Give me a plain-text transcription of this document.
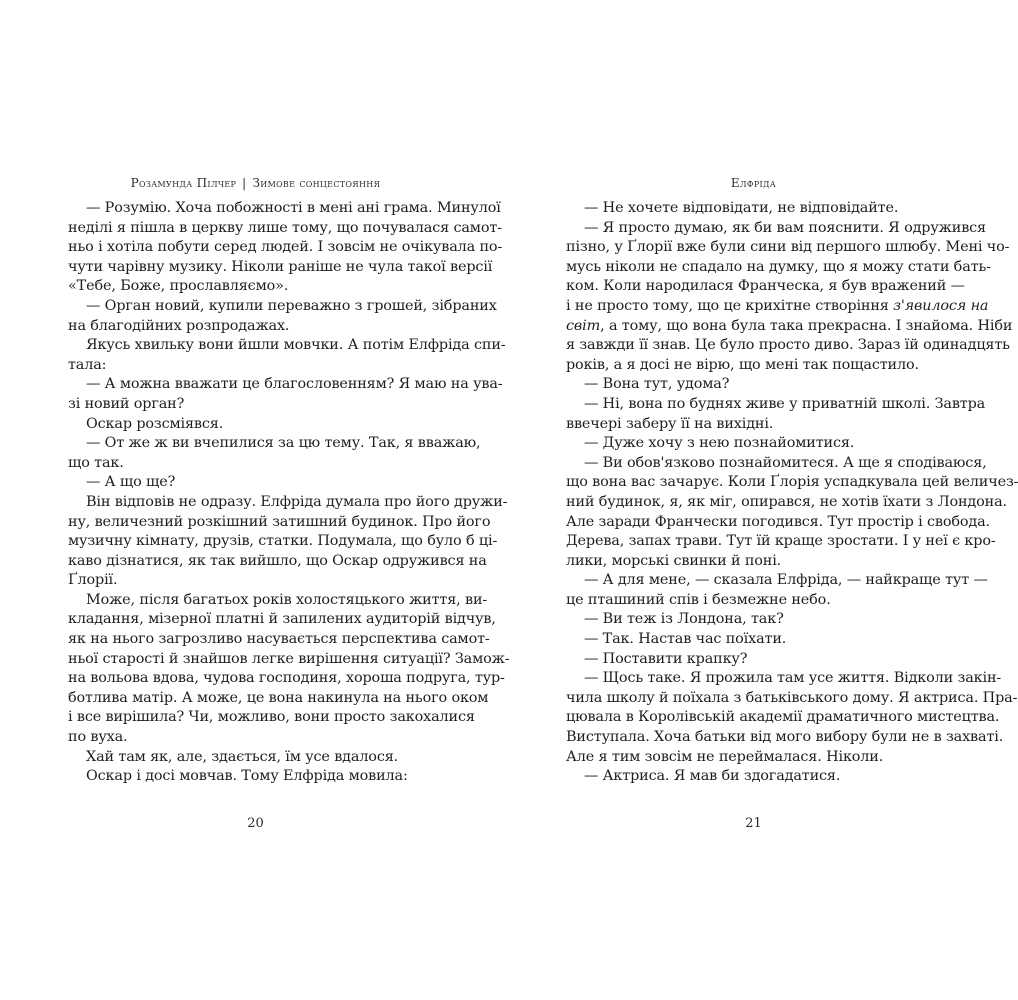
Розамунда Пілчер | Зимове сонцестояння
— Розумію. Хоча побожності в мені ані грама. Минулої
неділі я пішла в церкву лише тому, що почувалася самот-
ньо і хотіла побути серед людей. І зовсім не очікувала по-
чути чарівну музику. Ніколи раніше не чула такої версії
«Тебе, Боже, прославляємо».
— Орган новий, купили переважно з грошей, зібраних
на благодійних розпродажах.
Якусь хвильку вони йшли мовчки. А потім Елфріда спи-
тала:
— А можна вважати це благословенням? Я маю на ува-
зі новий орган?
Оскар розсміявся.
— От же ж ви вчепилися за цю тему. Так, я вважаю,
що так.
— А що ще?
Він відповів не одразу. Елфріда думала про його дружи-
ну, величезний розкішний затишний будинок. Про його
музичну кімнату, друзів, статки. Подумала, що було б ці-
каво дізнатися, як так вийшло, що Оскар одружився на
Ґлорії.
Може, після багатьох років холостяцького життя, ви-
кладання, мізерної платні й запилених аудиторій відчув,
як на нього загрозливо насувається перспектива самот-
ньої старості й знайшов легке вирішення ситуації? Замож-
на вольова вдова, чудова господиня, хороша подруга, тур-
ботлива матір. А може, це вона накинула на нього оком
і все вирішила? Чи, можливо, вони просто закохалися
по вуха.
Хай там як, але, здається, їм усе вдалося.
Оскар і досі мовчав. Тому Елфріда мовила:
20
Елфріда
— Не хочете відповідати, не відповідайте.
— Я просто думаю, як би вам пояснити. Я одружився
пізно, у Ґлорії вже були сини від першого шлюбу. Мені чо-
мусь ніколи не спадало на думку, що я можу стати бать-
ком. Коли народилася Франческа, я був вражений —
і не просто тому, що це крихітне створіння з'явилося на
світ, а тому, що вона була така прекрасна. І знайома. Ніби
я завжди її знав. Це було просто диво. Зараз їй одинадцять
років, а я досі не вірю, що мені так пощастило.
— Вона тут, удома?
— Ні, вона по буднях живе у приватній школі. Завтра
ввечері заберу її на вихідні.
— Дуже хочу з нею познайомитися.
— Ви обов'язково познайомитеся. А ще я сподіваюся,
що вона вас зачарує. Коли Ґлорія успадкувала цей величез-
ний будинок, я, як міг, опирався, не хотів їхати з Лондона.
Але заради Франчески погодився. Тут простір і свобода.
Дерева, запах трави. Тут їй краще зростати. І у неї є кро-
лики, морські свинки й поні.
— А для мене, — сказала Елфріда, — найкраще тут —
це пташиний спів і безмежне небо.
— Ви теж із Лондона, так?
— Так. Настав час поїхати.
— Поставити крапку?
— Щось таке. Я прожила там усе життя. Відколи закін-
чила школу й поїхала з батьківського дому. Я актриса. Пра-
цювала в Королівській академії драматичного мистецтва.
Виступала. Хоча батьки від мого вибору були не в захваті.
Але я тим зовсім не переймалася. Ніколи.
— Актриса. Я мав би здогадатися.
21
